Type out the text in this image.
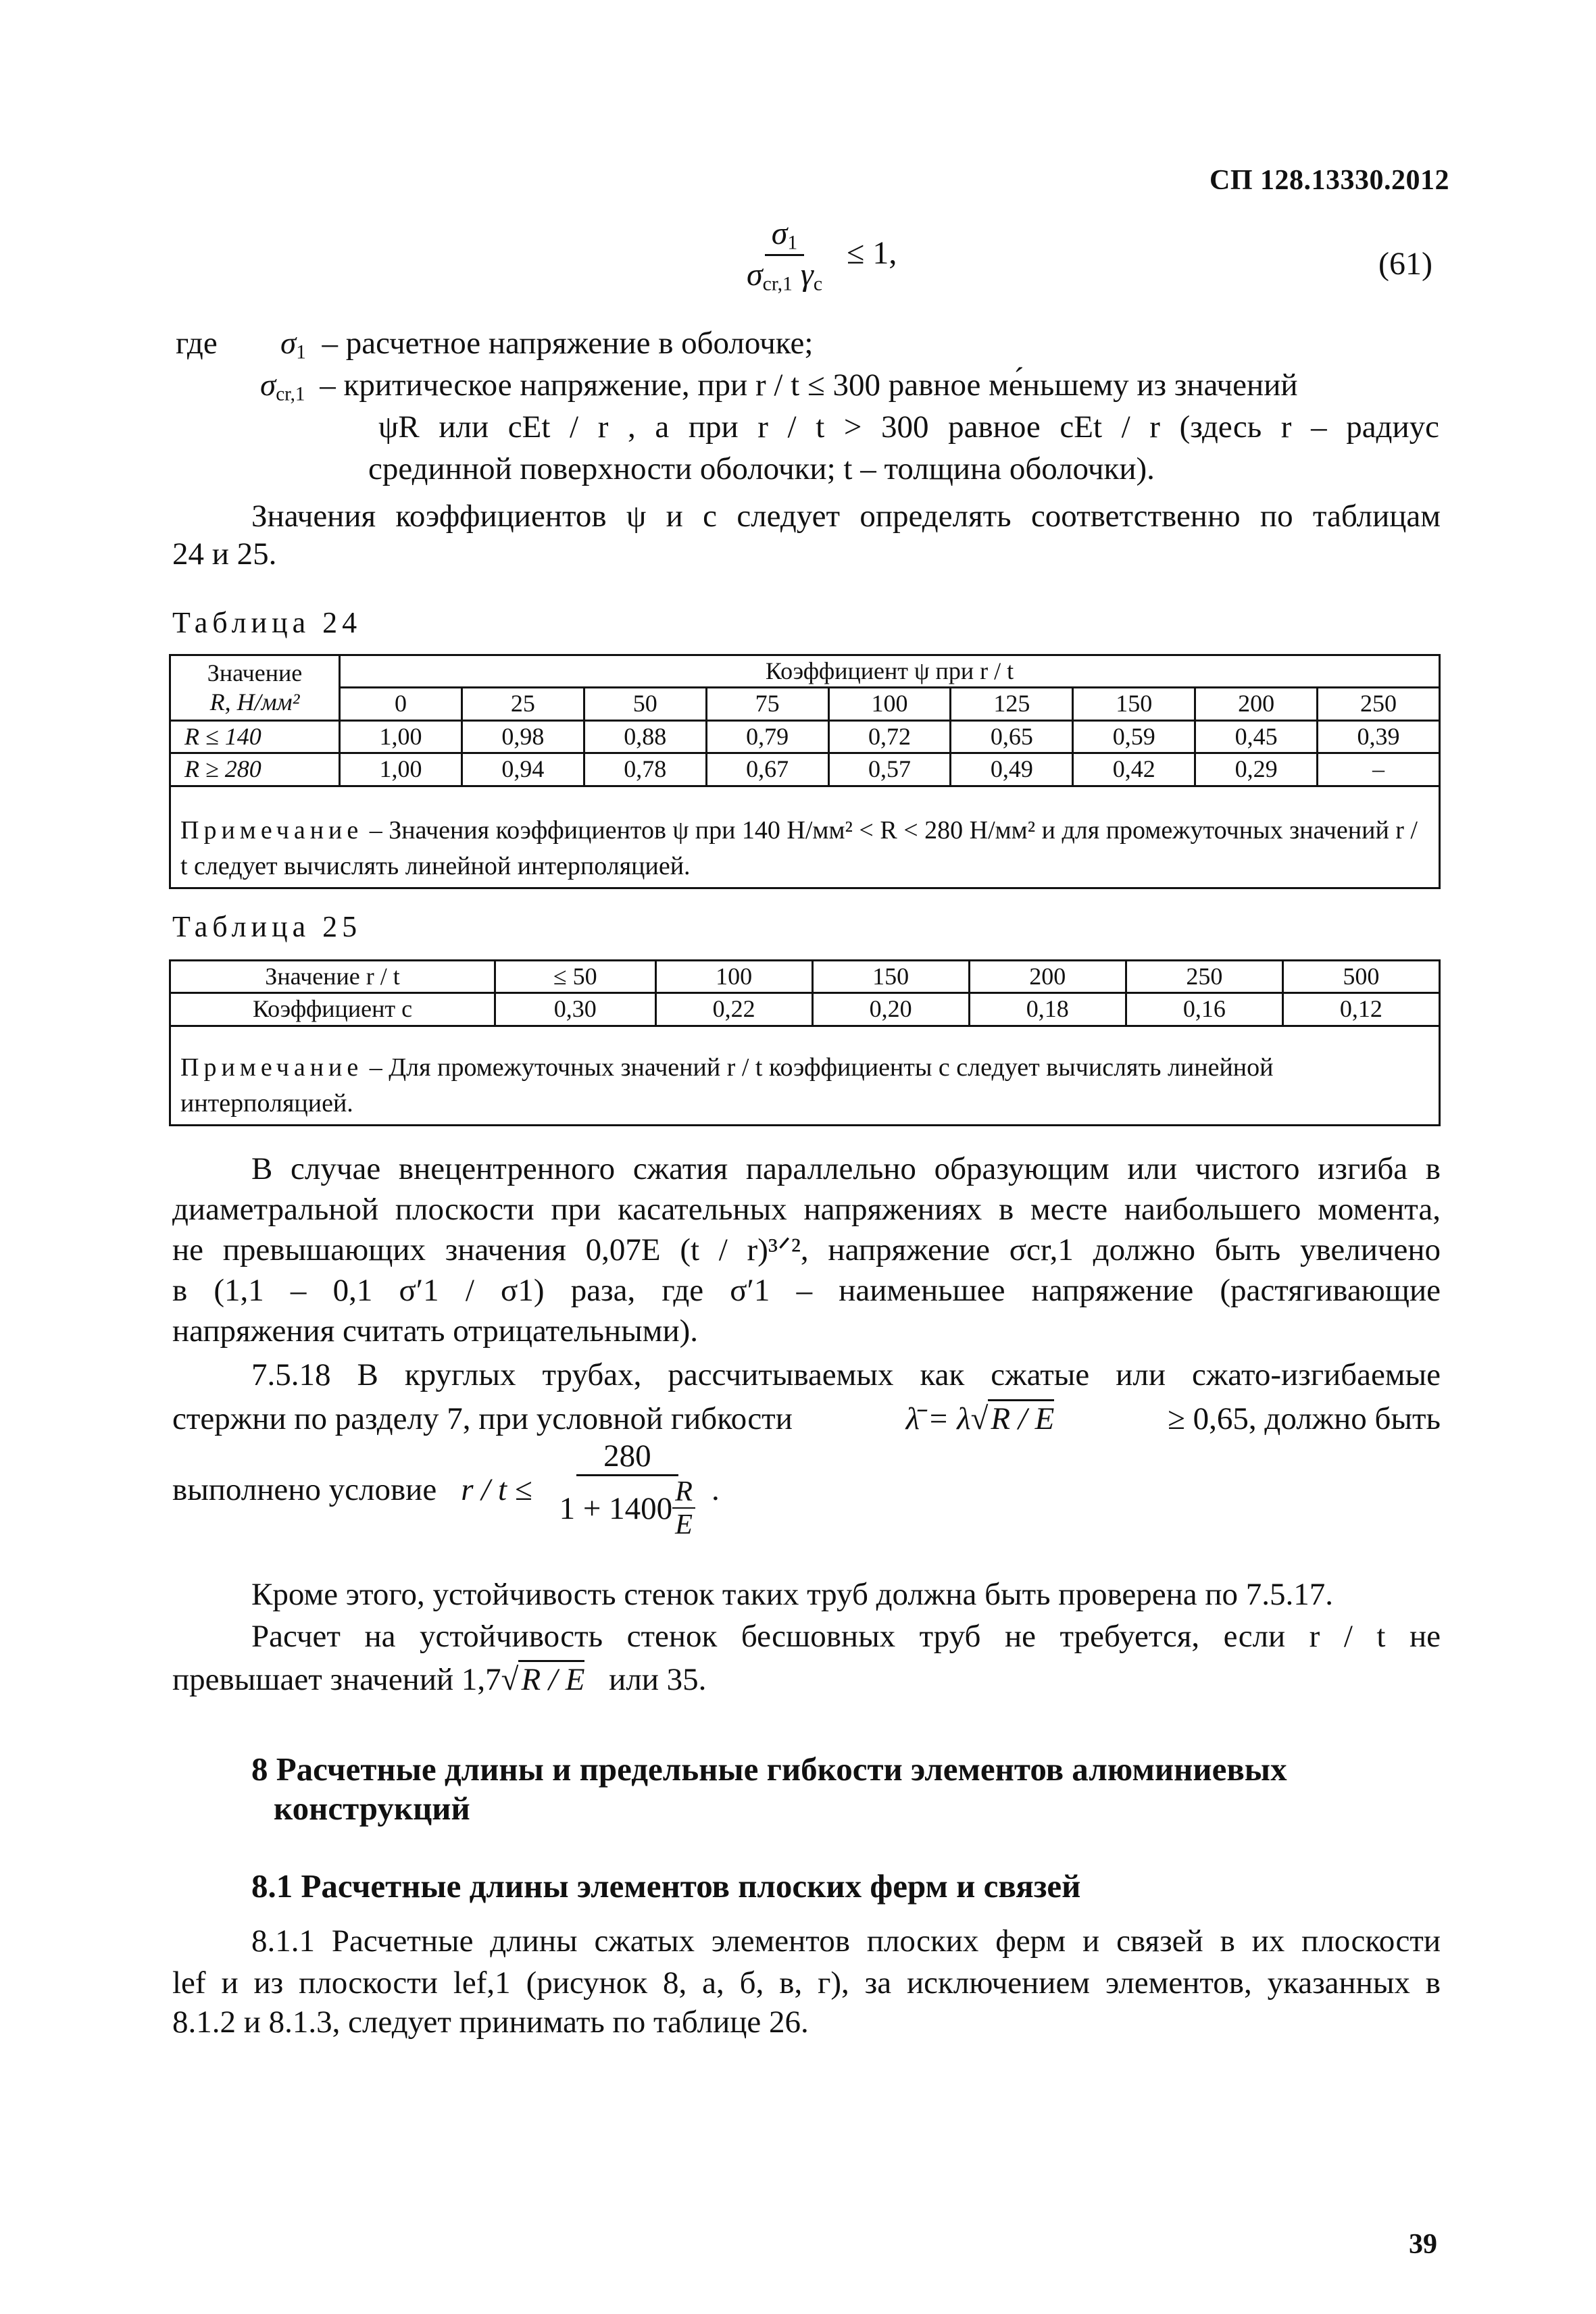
СП 128.13330.2012
$\frac{\sigma_1}{\sigma_{cr,1} \gamma_c} \le 1$,	(61)
где $\sigma_1$ – расчетное напряжение в оболочке;
$\sigma_{cr,1}$ – критическое напряжение, при r / t ≤ 300 равное ме́ньшему из значений
ψR или cEt / r , а при r / t > 300 равное cEt / r (здесь r – радиус
срединной поверхности оболочки; t – толщина оболочки).
Значения коэффициентов ψ и c следует определять соответственно по таблицам
24 и 25.
Таблица 24
Значение
R, Н/мм²	Коэффициент ψ при r / t								
	0	25	50	75	100	125	150	200	250
R ≤ 140	1,00	0,98	0,88	0,79	0,72	0,65	0,59	0,45	0,39
R ≥ 280	1,00	0,94	0,78	0,67	0,57	0,49	0,42	0,29	–
Примечание – Значения коэффициентов ψ при 140 Н/мм² < R < 280 Н/мм² и для промежуточных значений r / t следует вычислять линейной интерполяцией.									
Таблица 25
Значение r / t	≤ 50	100	150	200	250	500
Коэффициент c	0,30	0,22	0,20	0,18	0,16	0,12
Примечание – Для промежуточных значений r / t коэффициенты c следует вычислять линейной интерполяцией.						
В случае внецентренного сжатия параллельно образующим или чистого изгиба в
диаметральной плоскости при касательных напряжениях в месте наибольшего момента,
не превышающих значения 0,07E (t / r)³ᐟ², напряжение σcr,1 должно быть увеличено
в (1,1 – 0,1 σ′1 / σ1) раза, где σ′1 – наименьшее напряжение (растягивающие
напряжения считать отрицательными).
7.5.18 В круглых трубах, рассчитываемых как сжатые или сжато-изгибаемые
стержни по разделу 7, при условной гибкости	λ̄ = λ√R / E	≥ 0,65, должно быть
выполнено условие $r / t \le \frac{280}{1 + 1400 \frac{R}{E}}$ .
Кроме этого, устойчивость стенок таких труб должна быть проверена по 7.5.17.
Расчет на устойчивость стенок бесшовных труб не требуется, если r / t не
превышает значений 1,7√R / E или 35.
8 Расчетные длины и предельные гибкости элементов алюминиевых
конструкций
8.1 Расчетные длины элементов плоских ферм и связей
8.1.1 Расчетные длины сжатых элементов плоских ферм и связей в их плоскости
lef и из плоскости lef,1 (рисунок 8, а, б, в, г), за исключением элементов, указанных в
8.1.2 и 8.1.3, следует принимать по таблице 26.
39
